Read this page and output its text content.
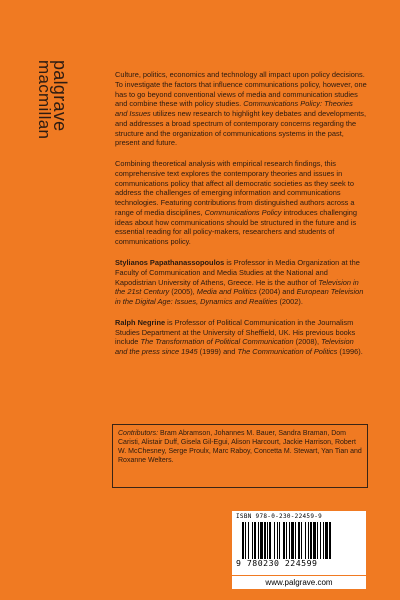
palgrave
macmillan	Culture, politics, economics and technology all impact upon policy decisions. To investigate the factors that influence communications policy, however, one has to go beyond conventional views of media and communication studies and combine these with policy studies. Communications Policy: Theories and Issues utilizes new research to highlight key debates and developments, and addresses a broad spectrum of contemporary concerns regarding the structure and the organization of communications systems in the past, present and future.

Combining theoretical analysis with empirical research findings, this comprehensive text explores the contemporary theories and issues in communications policy that affect all democratic societies as they seek to address the challenges of emerging information and communications technologies. Featuring contributions from distinguished authors across a range of media disciplines, Communications Policy introduces challenging ideas about how communications should be structured in the future and is essential reading for all policy-makers, researchers and students of communications policy.

Stylianos Papathanassopoulos is Professor in Media Organization at the Faculty of Communication and Media Studies at the National and Kapodistrian University of Athens, Greece. He is the author of Television in the 21st Century (2005), Media and Politics (2004) and European Television in the Digital Age: Issues, Dynamics and Realities (2002).

Ralph Negrine is Professor of Political Communication in the Journalism Studies Department at the University of Sheffield, UK. His previous books include The Transformation of Political Communication (2008), Television and the press since 1945 (1999) and The Communication of Politics (1996).

Contributors: Bram Abramson, Johannes M. Bauer, Sandra Braman, Dom Caristi, Alistair Duff, Gisela Gil-Egui, Alison Harcourt, Jackie Harrison, Robert W. McChesney, Serge Proulx, Marc Raboy, Concetta M. Stewart, Yan Tian and Roxanne Welters.
ISBN 978-0-230-22459-9
9 780230 224599
www.palgrave.com
